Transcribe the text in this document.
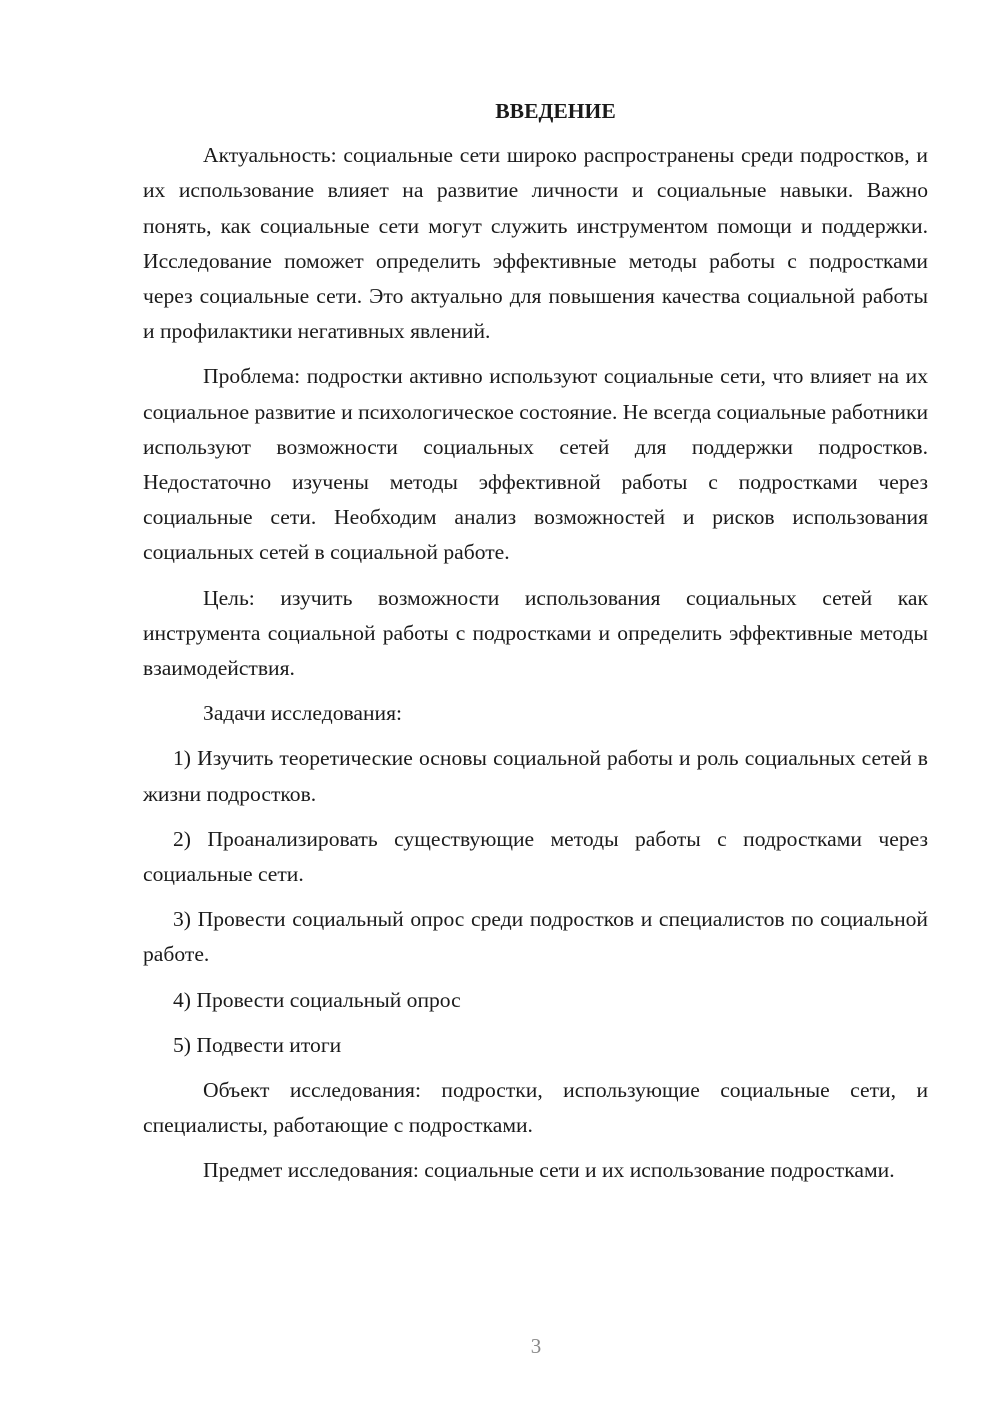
ВВЕДЕНИЕ

Актуальность: социальные сети широко распространены среди подростков, и их использование влияет на развитие личности и социальные навыки. Важно понять, как социальные сети могут служить инструментом помощи и поддержки. Исследование поможет определить эффективные методы работы с подростками через социальные сети. Это актуально для повышения качества социальной работы и профилактики негативных явлений.

Проблема: подростки активно используют социальные сети, что влияет на их социальное развитие и психологическое состояние. Не всегда социальные работники используют возможности социальных сетей для поддержки подростков. Недостаточно изучены методы эффективной работы с подростками через социальные сети. Необходим анализ возможностей и рисков использования социальных сетей в социальной работе.

Цель: изучить возможности использования социальных сетей как инструмента социальной работы с подростками и определить эффективные методы взаимодействия.

Задачи исследования:

1) Изучить теоретические основы социальной работы и роль социальных сетей в жизни подростков.

2) Проанализировать существующие методы работы с подростками через социальные сети.

3) Провести социальный опрос среди подростков и специалистов по социальной работе.

4) Провести социальный опрос

5) Подвести итоги

Объект исследования: подростки, использующие социальные сети, и специалисты, работающие с подростками.

Предмет исследования: социальные сети и их использование подростками.

3
